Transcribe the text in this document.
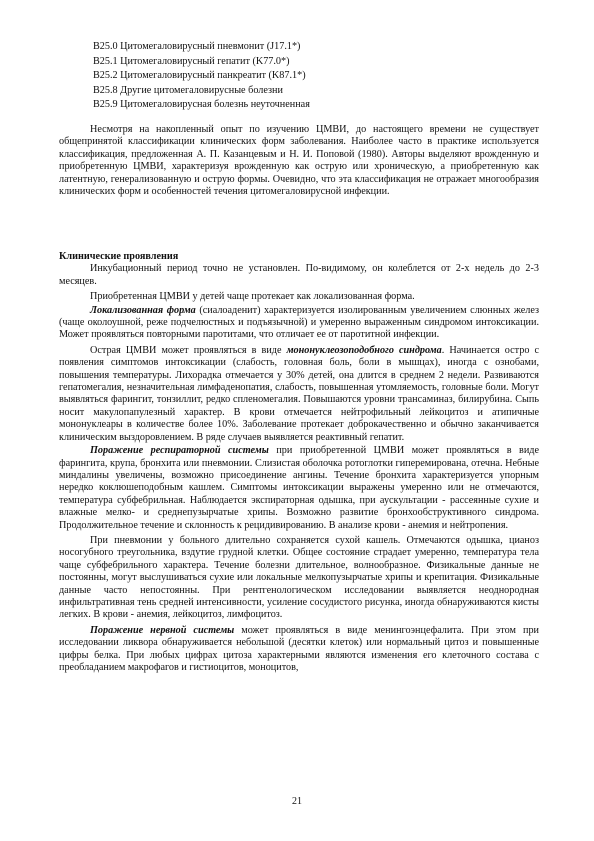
B25.0 Цитомегаловирусный пневмонит (J17.1*)
B25.1 Цитомегаловирусный гепатит (K77.0*)
B25.2 Цитомегаловирусный панкреатит (K87.1*)
B25.8 Другие цитомегаловирусные болезни
B25.9 Цитомегаловирусная болезнь неуточненная

Несмотря на накопленный опыт по изучению ЦМВИ, до настоящего времени не существует общепринятой классификации клинических форм заболевания. Наиболее часто в практике используется классификация, предложенная А. П. Казанцевым и Н. И. Поповой (1980). Авторы выделяют врожденную и приобретенную ЦМВИ, характеризуя врожденную как острую или хроническую, а приобретенную как латентную, генерализованную и острую формы. Очевидно, что эта классификация не отражает многообразия клинических форм и особенностей течения цитомегаловирусной инфекции.

Клинические проявления

Инкубационный период точно не установлен. По-видимому, он колеблется от 2-х недель до 2-3 месяцев.

Приобретенная ЦМВИ у детей чаще протекает как локализованная форма.

Локализованная форма (сиалоаденит) характеризуется изолированным увеличением слюнных желез (чаще околоушной, реже подчелюстных и подъязычной) и умеренно выраженным синдромом интоксикации. Может проявляться повторными паротитами, что отличает ее от паротитной инфекции.

Острая ЦМВИ может проявляться в виде мононуклеозоподобного синдрома. Начинается остро с появления симптомов интоксикации (слабость, головная боль, боли в мышцах), иногда с ознобами, повышения температуры. Лихорадка отмечается у 30% детей, она длится в среднем 2 недели. Развиваются гепатомегалия, незначительная лимфаденопатия, слабость, повышенная утомляемость, головные боли. Могут выявляться фарингит, тонзиллит, редко спленомегалия. Повышаются уровни трансаминаз, билирубина. Сыпь носит макулопапулезный характер. В крови отмечается нейтрофильный лейкоцитоз и атипичные мононуклеары в количестве более 10%. Заболевание протекает доброкачественно и обычно заканчивается клиническим выздоровлением. В ряде случаев выявляется реактивный гепатит.

Поражение респираторной системы при приобретенной ЦМВИ может проявляться в виде фарингита, крупа, бронхита или пневмонии. Слизистая оболочка ротоглотки гиперемирована, отечна. Небные миндалины увеличены, возможно присоединение ангины. Течение бронхита характеризуется упорным нередко коклюшеподобным кашлем. Симптомы интоксикации выражены умеренно или не отмечаются, температура субфебрильная. Наблюдается экспираторная одышка, при аускультации - рассеянные сухие и влажные мелко- и среднепузырчатые хрипы. Возможно развитие бронхообструктивного синдрома. Продолжительное течение и склонность к рецидивированию. В анализе крови - анемия и нейтропения.

При пневмонии у больного длительно сохраняется сухой кашель. Отмечаются одышка, цианоз носогубного треугольника, вздутие грудной клетки. Общее состояние страдает умеренно, температура тела чаще субфебрильного характера. Течение болезни длительное, волнообразное. Физикальные данные не постоянны, могут выслушиваться сухие или локальные мелкопузырчатые хрипы и крепитация. Физикальные данные часто непостоянны. При рентгенологическом исследовании выявляется неоднородная инфильтративная тень средней интенсивности, усиление сосудистого рисунка, иногда обнаруживаются кисты легких. В крови - анемия, лейкоцитоз, лимфоцитоз.

Поражение нервной системы может проявляться в виде менингоэнцефалита. При этом при исследовании ликвора обнаруживается небольшой (десятки клеток) или нормальный цитоз и повышенные цифры белка. При любых цифрах цитоза характерными являются изменения его клеточного состава с преобладанием макрофагов и гистиоцитов, моноцитов,

21
